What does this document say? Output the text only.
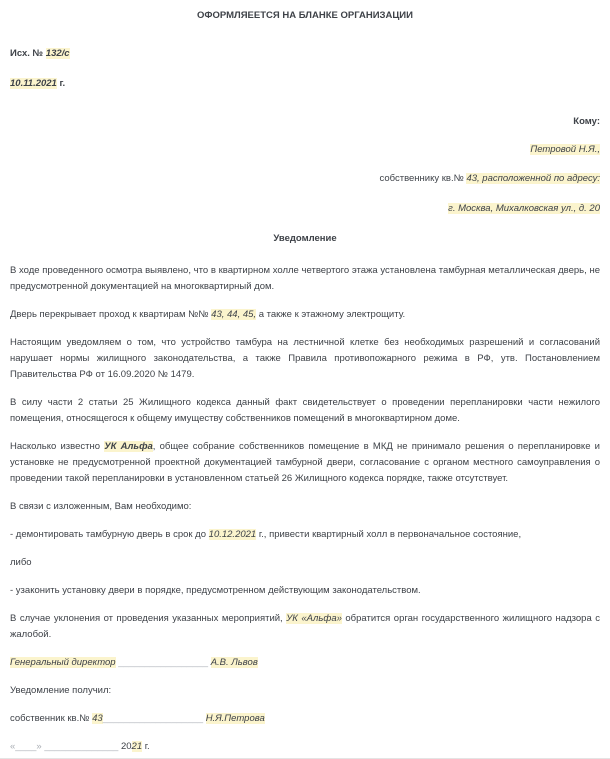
ОФОРМЛЯЕЕТСЯ НА БЛАНКЕ ОРГАНИЗАЦИИ
Исх. № 132/с
10.11.2021 г.
Кому:
Петровой Н.Я.,
собственнику кв.№ 43, расположенной по адресу:
г. Москва, Михалковская ул., д. 20
Уведомление

В ходе проведенного осмотра выявлено, что в квартирном холле четвертого этажа установлена тамбурная металлическая дверь, не предусмотренной документацией на многоквартирный дом.

Дверь перекрывает проход к квартирам №№ 43, 44, 45, а также к этажному электрощиту.

Настоящим уведомляем о том, что устройство тамбура на лестничной клетке без необходимых разрешений и согласований нарушает нормы жилищного законодательства, а также Правила противопожарного режима в РФ, утв. Постановлением Правительства РФ от 16.09.2020 № 1479.

В силу части 2 статьи 25 Жилищного кодекса данный факт свидетельствует о проведении перепланировки части нежилого помещения, относящегося к общему имуществу собственников помещений в многоквартирном доме.

Насколько известно УК Альфа, общее собрание собственников помещение в МКД не принимало решения о перепланировке и установке не предусмотренной проектной документацией тамбурной двери, согласование с органом местного самоуправления о проведении такой перепланировки в установленном статьей 26 Жилищного кодекса порядке, также отсутствует.

В связи с изложенным, Вам необходимо:

- демонтировать тамбурную дверь в срок до 10.12.2021 г., привести квартирный холл в первоначальное состояние,

либо

- узаконить установку двери в порядке, предусмотренном действующим законодательством.

В случае уклонения от проведения указанных мероприятий, УК «Альфа» обратится орган государственного жилищного надзора с жалобой.

Генеральный директор _________________ А.В. Львов

Уведомление получил:

собственник кв.№ 43___________________ Н.Я.Петрова

«____» ______________ 2021 г.
